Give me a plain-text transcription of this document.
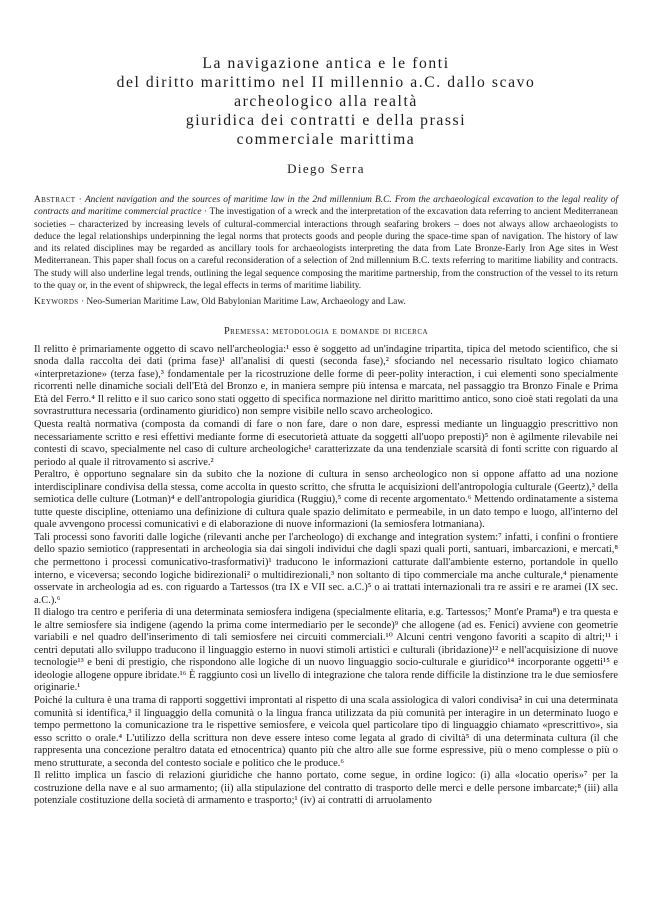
La navigazione antica e le fonti
del diritto marittimo nel II millennio a.C. dallo scavo
archeologico alla realtà
giuridica dei contratti e della prassi
commerciale marittima
Diego Serra
Abstract · Ancient navigation and the sources of maritime law in the 2nd millennium B.C. From the archaeological excavation to the legal reality of contracts and maritime commercial practice · The investigation of a wreck and the interpretation of the excavation data referring to ancient Mediterranean societies – characterized by increasing levels of cultural-commercial interactions through seafaring brokers – does not always allow archaeologists to deduce the legal relationships underpinning the legal norms that protects goods and people during the space-time span of navigation. The history of law and its related disciplines may be regarded as ancillary tools for archaeologists interpreting the data from Late Bronze-Early Iron Age sites in West Mediterranean. This paper shall focus on a careful reconsideration of a selection of 2nd millennium B.C. texts referring to maritime liability and contracts. The study will also underline legal trends, outlining the legal sequence composing the maritime partnership, from the construction of the vessel to its return to the quay or, in the event of shipwreck, the legal effects in terms of maritime liability.
Keywords · Neo-Sumerian Maritime Law, Old Babylonian Maritime Law, Archaeology and Law.
Premessa: metodologia e domande di ricerca

Il relitto è primariamente oggetto di scavo nell'archeologia:¹ esso è soggetto ad un'indagine tripartita, tipica del metodo scientifico, che si snoda dalla raccolta dei dati (prima fase)¹ all'analisi di questi (seconda fase),² sfociando nel necessario risultato logico chiamato «interpretazione» (terza fase),³ fondamentale per la ricostruzione delle forme di peer-polity interaction, i cui elementi sono specialmente ricorrenti nelle dinamiche sociali dell'Età del Bronzo e, in maniera sempre più intensa e marcata, nel passaggio tra Bronzo Finale e Prima Età del Ferro.⁴ Il relitto e il suo carico sono stati oggetto di specifica normazione nel diritto marittimo antico, sono cioè stati regolati da una sovrastruttura necessaria (ordinamento giuridico) non sempre visibile nello scavo archeologico.

Questa realtà normativa (composta da comandi di fare o non fare, dare o non dare, espressi mediante un linguaggio prescrittivo non necessariamente scritto e resi effettivi mediante forme di esecutorietà attuate da soggetti all'uopo preposti)⁵ non è agilmente rilevabile nei contesti di scavo, specialmente nel caso di culture archeologiche¹ caratterizzate da una tendenziale scarsità di fonti scritte con riguardo al periodo al quale il ritrovamento si ascrive.²

Peraltro, è opportuno segnalare sin da subito che la nozione di cultura in senso archeologico non si oppone affatto ad una nozione interdisciplinare condivisa della stessa, come accolta in questo scritto, che sfrutta le acquisizioni dell'antropologia culturale (Geertz),³ della semiotica delle culture (Lotman)⁴ e dell'antropologia giuridica (Ruggiu),⁵ come di recente argomentato.⁶ Mettendo ordinatamente a sistema tutte queste discipline, otteniamo una definizione di cultura quale spazio delimitato e permeabile, in un dato tempo e luogo, all'interno del quale avvengono processi comunicativi e di elaborazione di nuove informazioni (la semiosfera lotmaniana).

Tali processi sono favoriti dalle logiche (rilevanti anche per l'archeologo) di exchange and integration system:⁷ infatti, i confini o frontiere dello spazio semiotico (rappresentati in archeologia sia dai singoli individui che dagli spazi quali porti, santuari, imbarcazioni, e mercati,⁸ che permettono i processi comunicativo-trasformativi)¹ traducono le informazioni catturate dall'ambiente esterno, portandole in quello interno, e viceversa; secondo logiche bidirezionali² o multidirezionali,³ non soltanto di tipo commerciale ma anche culturale,⁴ pienamente osservate in archeologia ad es. con riguardo a Tartessos (tra IX e VII sec. a.C.)⁵ o ai trattati internazionali tra re assiri e re aramei (IX sec. a.C.).⁶

Il dialogo tra centro e periferia di una determinata semiosfera indigena (specialmente elitaria, e.g. Tartessos;⁷ Mont'e Prama⁸) e tra questa e le altre semiosfere sia indigene (agendo la prima come intermediario per le seconde)⁹ che allogene (ad es. Fenici) avviene con geometrie variabili e nel quadro dell'inserimento di tali semiosfere nei circuiti commerciali.¹⁰ Alcuni centri vengono favoriti a scapito di altri;¹¹ i centri deputati allo sviluppo traducono il linguaggio esterno in nuovi stimoli artistici e culturali (ibridazione)¹² e nell'acquisizione di nuove tecnologie¹³ e beni di prestigio, che rispondono alle logiche di un nuovo linguaggio socio-culturale e giuridico¹⁴ incorporante oggetti¹⁵ e ideologie allogene oppure ibridate.¹⁶ È raggiunto così un livello di integrazione che talora rende difficile la distinzione tra le due semiosfere originarie.¹

Poiché la cultura è una trama di rapporti soggettivi improntati al rispetto di una scala assiologica di valori condivisa² in cui una determinata comunità si identifica,³ il linguaggio della comunità o la lingua franca utilizzata da più comunità per interagire in un determinato luogo e tempo permettono la comunicazione tra le rispettive semiosfere, e veicola quel particolare tipo di linguaggio chiamato «prescrittivo», sia esso scritto o orale.⁴ L'utilizzo della scrittura non deve essere inteso come legata al grado di civiltà⁵ di una determinata cultura (il che rappresenta una concezione peraltro datata ed etnocentrica) quanto più che altro alle sue forme espressive, più o meno complesse o più o meno strutturate, a seconda del contesto sociale e politico che le produce.⁶

Il relitto implica un fascio di relazioni giuridiche che hanno portato, come segue, in ordine logico: (i) alla «locatio operis»⁷ per la costruzione della nave e al suo armamento; (ii) alla stipulazione del contratto di trasporto delle merci e delle persone imbarcate;⁸ (iii) alla potenziale costituzione della società di armamento e trasporto;¹ (iv) ai contratti di arruolamento
